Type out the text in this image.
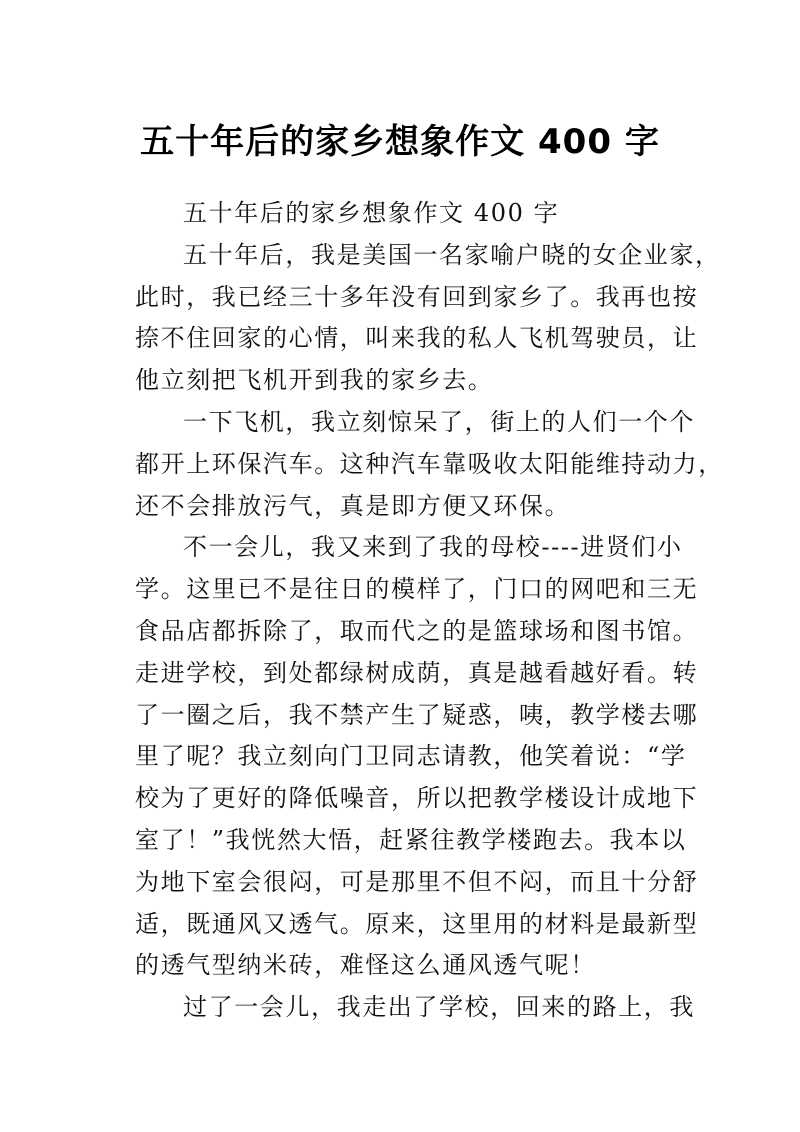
五十年后的家乡想象作文 400 字
五十年后的家乡想象作文 400 字
五十年后，我是美国一名家喻户晓的女企业家，
此时，我已经三十多年没有回到家乡了。我再也按
捺不住回家的心情，叫来我的私人飞机驾驶员，让
他立刻把飞机开到我的家乡去。
一下飞机，我立刻惊呆了，街上的人们一个个
都开上环保汽车。这种汽车靠吸收太阳能维持动力，
还不会排放污气，真是即方便又环保。
不一会儿，我又来到了我的母校----进贤们小
学。这里已不是往日的模样了，门口的网吧和三无
食品店都拆除了，取而代之的是篮球场和图书馆。
走进学校，到处都绿树成荫，真是越看越好看。转
了一圈之后，我不禁产生了疑惑，咦，教学楼去哪
里了呢？我立刻向门卫同志请教，他笑着说：“学
校为了更好的降低噪音，所以把教学楼设计成地下
室了！”我恍然大悟，赶紧往教学楼跑去。我本以
为地下室会很闷，可是那里不但不闷，而且十分舒
适，既通风又透气。原来，这里用的材料是最新型
的透气型纳米砖，难怪这么通风透气呢！
过了一会儿，我走出了学校，回来的路上，我
